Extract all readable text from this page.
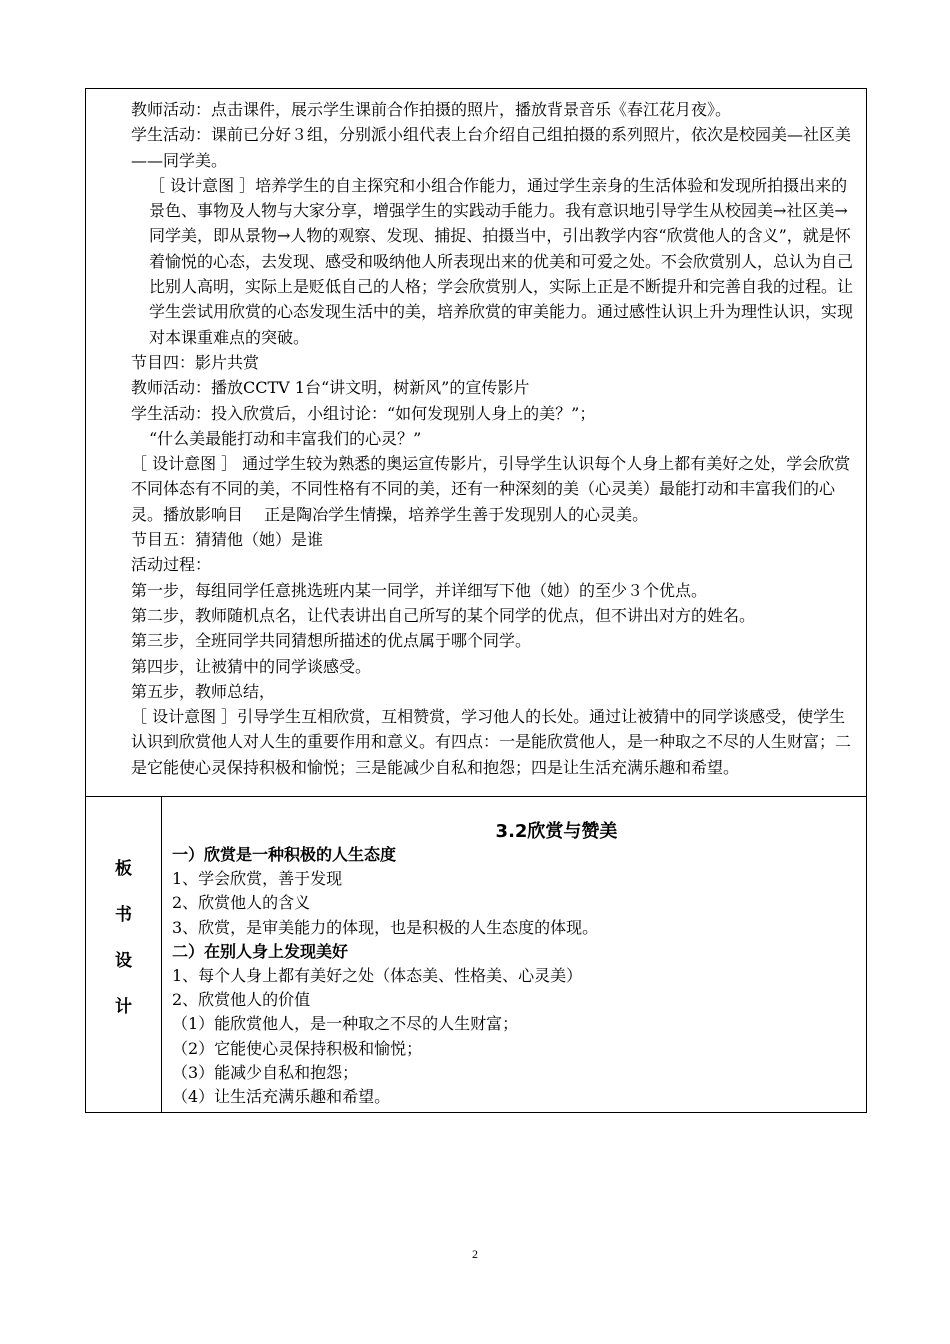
教师活动：点击课件，展示学生课前合作拍摄的照片，播放背景音乐《春江花月夜》。

学生活动：课前已分好３组，分别派小组代表上台介绍自己组拍摄的系列照片，依次是校园美—社区美——同学美。

［ 设计意图 ］培养学生的自主探究和小组合作能力，通过学生亲身的生活体验和发现所拍摄出来的景色、事物及人物与大家分享，增强学生的实践动手能力。我有意识地引导学生从校园美→社区美→同学美，即从景物→人物的观察、发现、捕捉、拍摄当中，引出教学内容“欣赏他人的含义”，就是怀着愉悦的心态，去发现、感受和吸纳他人所表现出来的优美和可爱之处。不会欣赏别人，总认为自己比别人高明，实际上是贬低自己的人格；学会欣赏别人，实际上正是不断提升和完善自我的过程。让学生尝试用欣赏的心态发现生活中的美，培养欣赏的审美能力。通过感性认识上升为理性认识，实现对本课重难点的突破。

节目四：影片共赏

教师活动：播放CCTV 1台“讲文明，树新风”的宣传影片

学生活动：投入欣赏后，小组讨论：“如何发现别人身上的美？”；

“什么美最能打动和丰富我们的心灵？”

［ 设计意图 ］ 通过学生较为熟悉的奥运宣传影片，引导学生认识每个人身上都有美好之处，学会欣赏不同体态有不同的美，不同性格有不同的美，还有一种深刻的美（心灵美）最能打动和丰富我们的心灵。播放影响目　 正是陶冶学生情操，培养学生善于发现别人的心灵美。

节目五：猜猜他（她）是谁

活动过程：

第一步，每组同学任意挑选班内某一同学，并详细写下他（她）的至少３个优点。

第二步，教师随机点名，让代表讲出自己所写的某个同学的优点，但不讲出对方的姓名。

第三步，全班同学共同猜想所描述的优点属于哪个同学。

第四步，让被猜中的同学谈感受。

第五步，教师总结，

［ 设计意图 ］引导学生互相欣赏，互相赞赏，学习他人的长处。通过让被猜中的同学谈感受，使学生认识到欣赏他人对人生的重要作用和意义。有四点：一是能欣赏他人，是一种取之不尽的人生财富；二是它能使心灵保持积极和愉悦；三是能减少自私和抱怨；四是让生活充满乐趣和希望。

板
书
设
计
3.2欣赏与赞美
一）欣赏是一种积极的人生态度
1、学会欣赏，善于发现
2、欣赏他人的含义
3、欣赏，是审美能力的体现，也是积极的人生态度的体现。
二）在别人身上发现美好
1、每个人身上都有美好之处（体态美、性格美、心灵美）
2、欣赏他人的价值
（1）能欣赏他人，是一种取之不尽的人生财富；
（2）它能使心灵保持积极和愉悦；
（3）能减少自私和抱怨；
（4）让生活充满乐趣和希望。
2
